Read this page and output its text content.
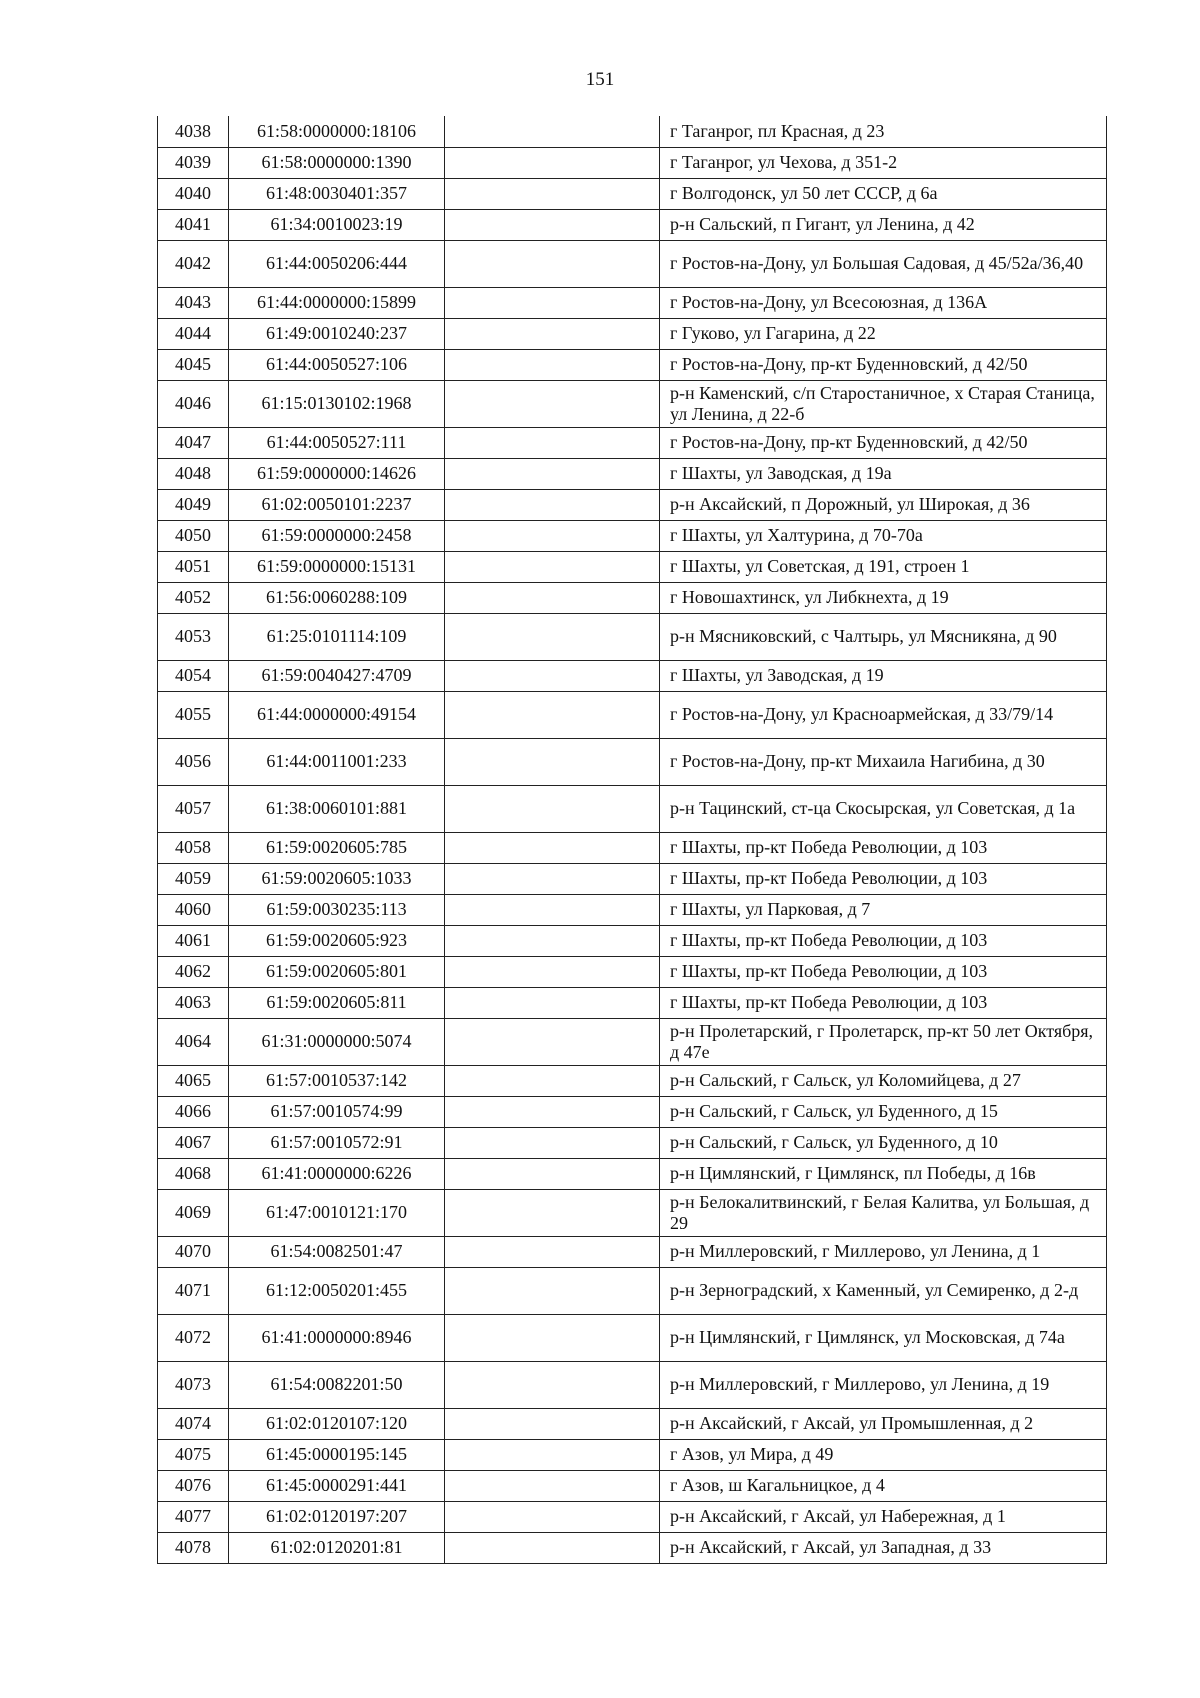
151
4038	61:58:0000000:18106		г Таганрог, пл Красная, д 23
4039	61:58:0000000:1390		г Таганрог, ул Чехова, д 351-2
4040	61:48:0030401:357		г Волгодонск, ул 50 лет СССР, д 6а
4041	61:34:0010023:19		р-н Сальский, п Гигант, ул Ленина, д 42
4042	61:44:0050206:444		г Ростов-на-Дону, ул Большая Садовая, д 45/52а/36,40
4043	61:44:0000000:15899		г Ростов-на-Дону, ул Всесоюзная, д 136А
4044	61:49:0010240:237		г Гуково, ул Гагарина, д 22
4045	61:44:0050527:106		г Ростов-на-Дону, пр-кт Буденновский, д 42/50
4046	61:15:0130102:1968		р-н Каменский, с/п Старостаничное, х Старая Станица, ул Ленина, д 22-б
4047	61:44:0050527:111		г Ростов-на-Дону, пр-кт Буденновский, д 42/50
4048	61:59:0000000:14626		г Шахты, ул Заводская, д 19а
4049	61:02:0050101:2237		р-н Аксайский, п Дорожный, ул Широкая, д 36
4050	61:59:0000000:2458		г Шахты, ул Халтурина, д 70-70а
4051	61:59:0000000:15131		г Шахты, ул Советская, д 191, строен 1
4052	61:56:0060288:109		г Новошахтинск, ул Либкнехта, д 19
4053	61:25:0101114:109		р-н Мясниковский, с Чалтырь, ул Мясникяна, д 90
4054	61:59:0040427:4709		г Шахты, ул Заводская, д 19
4055	61:44:0000000:49154		г Ростов-на-Дону, ул Красноармейская, д 33/79/14
4056	61:44:0011001:233		г Ростов-на-Дону, пр-кт Михаила Нагибина, д 30
4057	61:38:0060101:881		р-н Тацинский, ст-ца Скосырская, ул Советская, д 1а
4058	61:59:0020605:785		г Шахты, пр-кт Победа Революции, д 103
4059	61:59:0020605:1033		г Шахты, пр-кт Победа Революции, д 103
4060	61:59:0030235:113		г Шахты, ул Парковая, д 7
4061	61:59:0020605:923		г Шахты, пр-кт Победа Революции, д 103
4062	61:59:0020605:801		г Шахты, пр-кт Победа Революции, д 103
4063	61:59:0020605:811		г Шахты, пр-кт Победа Революции, д 103
4064	61:31:0000000:5074		р-н Пролетарский, г Пролетарск, пр-кт 50 лет Октября, д 47е
4065	61:57:0010537:142		р-н Сальский, г Сальск, ул Коломийцева, д 27
4066	61:57:0010574:99		р-н Сальский, г Сальск, ул Буденного, д 15
4067	61:57:0010572:91		р-н Сальский, г Сальск, ул Буденного, д 10
4068	61:41:0000000:6226		р-н Цимлянский, г Цимлянск, пл Победы, д 16в
4069	61:47:0010121:170		р-н Белокалитвинский, г Белая Калитва, ул Большая, д 29
4070	61:54:0082501:47		р-н Миллеровский, г Миллерово, ул Ленина, д 1
4071	61:12:0050201:455		р-н Зерноградский, х Каменный, ул Семиренко, д 2-д
4072	61:41:0000000:8946		р-н Цимлянский, г Цимлянск, ул Московская, д 74а
4073	61:54:0082201:50		р-н Миллеровский, г Миллерово, ул Ленина, д 19
4074	61:02:0120107:120		р-н Аксайский, г Аксай, ул Промышленная, д 2
4075	61:45:0000195:145		г Азов, ул Мира, д 49
4076	61:45:0000291:441		г Азов, ш Кагальницкое, д 4
4077	61:02:0120197:207		р-н Аксайский, г Аксай, ул Набережная, д 1
4078	61:02:0120201:81		р-н Аксайский, г Аксай, ул Западная, д 33
